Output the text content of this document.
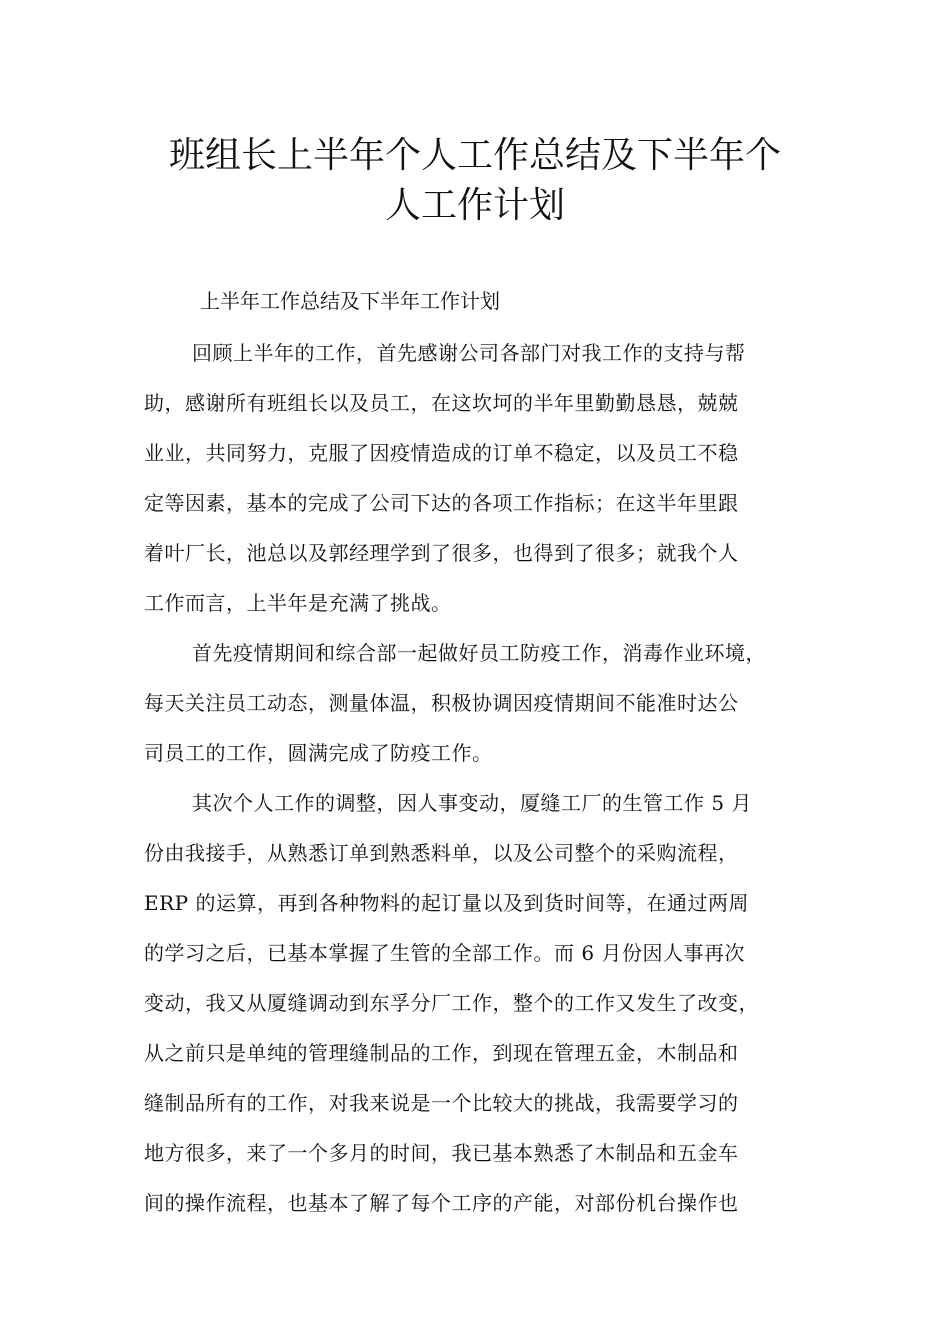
班组长上半年个人工作总结及下半年个
人工作计划
上半年工作总结及下半年工作计划
回顾上半年的工作，首先感谢公司各部门对我工作的支持与帮
助，感谢所有班组长以及员工，在这坎坷的半年里勤勤恳恳，兢兢
业业，共同努力，克服了因疫情造成的订单不稳定，以及员工不稳
定等因素，基本的完成了公司下达的各项工作指标；在这半年里跟
着叶厂长，池总以及郭经理学到了很多，也得到了很多；就我个人
工作而言，上半年是充满了挑战。
首先疫情期间和综合部一起做好员工防疫工作，消毒作业环境，
每天关注员工动态，测量体温，积极协调因疫情期间不能准时达公
司员工的工作，圆满完成了防疫工作。
其次个人工作的调整，因人事变动，厦缝工厂的生管工作 5 月
份由我接手，从熟悉订单到熟悉料单，以及公司整个的采购流程，
ERP 的运算，再到各种物料的起订量以及到货时间等，在通过两周
的学习之后，已基本掌握了生管的全部工作。而 6 月份因人事再次
变动，我又从厦缝调动到东孚分厂工作，整个的工作又发生了改变，
从之前只是单纯的管理缝制品的工作，到现在管理五金，木制品和
缝制品所有的工作，对我来说是一个比较大的挑战，我需要学习的
地方很多，来了一个多月的时间，我已基本熟悉了木制品和五金车
间的操作流程，也基本了解了每个工序的产能，对部份机台操作也
